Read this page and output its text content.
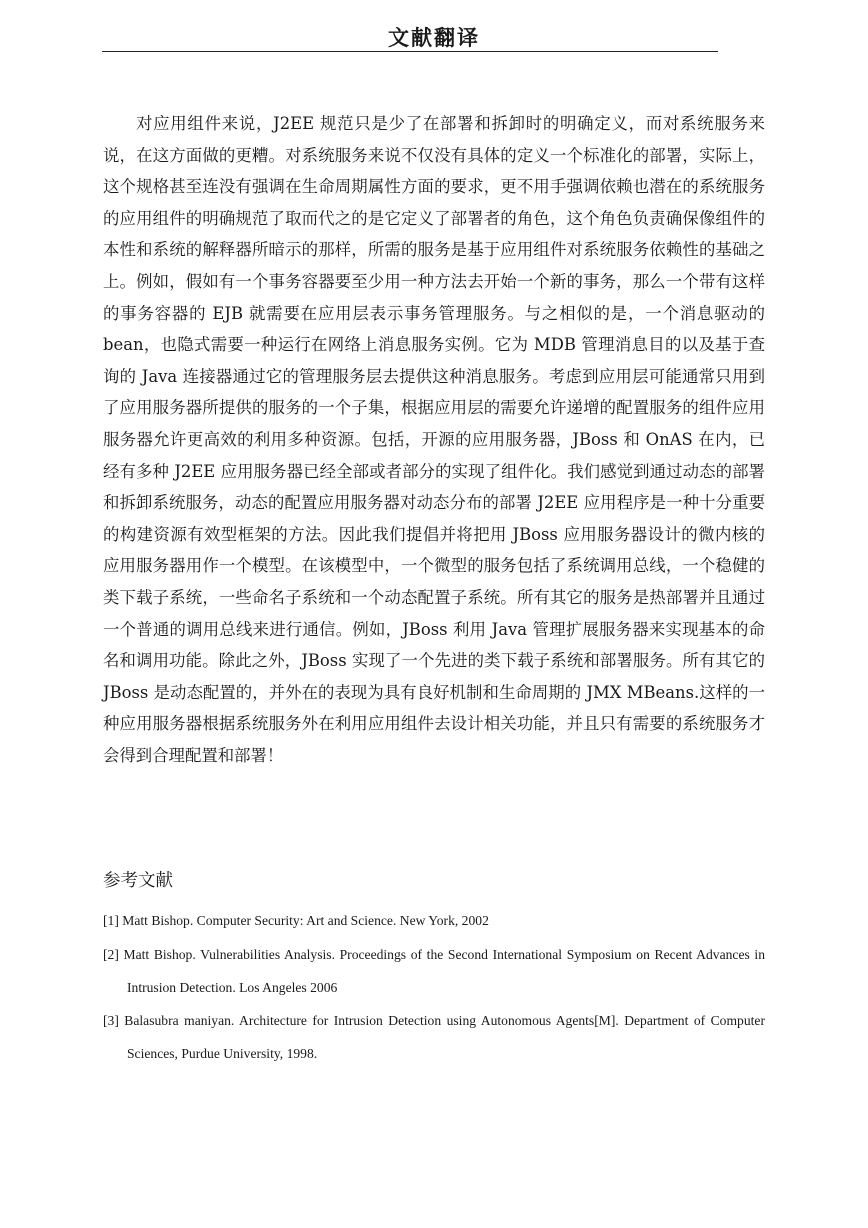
文献翻译

对应用组件来说，J2EE 规范只是少了在部署和拆卸时的明确定义，而对系统服务来说，在这方面做的更糟。对系统服务来说不仅没有具体的定义一个标准化的部署，实际上，这个规格甚至连没有强调在生命周期属性方面的要求，更不用手强调依赖也潜在的系统服务的应用组件的明确规范了取而代之的是它定义了部署者的角色，这个角色负责确保像组件的本性和系统的解释器所暗示的那样，所需的服务是基于应用组件对系统服务依赖性的基础之上。例如，假如有一个事务容器要至少用一种方法去开始一个新的事务，那么一个带有这样的事务容器的 EJB 就需要在应用层表示事务管理服务。与之相似的是，一个消息驱动的 bean，也隐式需要一种运行在网络上消息服务实例。它为 MDB 管理消息目的以及基于查询的 Java 连接器通过它的管理服务层去提供这种消息服务。考虑到应用层可能通常只用到了应用服务器所提供的服务的一个子集，根据应用层的需要允许递增的配置服务的组件应用服务器允许更高效的利用多种资源。包括，开源的应用服务器，JBoss 和 OnAS 在内，已经有多种 J2EE 应用服务器已经全部或者部分的实现了组件化。我们感觉到通过动态的部署和拆卸系统服务，动态的配置应用服务器对动态分布的部署 J2EE 应用程序是一种十分重要的构建资源有效型框架的方法。因此我们提倡并将把用 JBoss 应用服务器设计的微内核的应用服务器用作一个模型。在该模型中，一个微型的服务包括了系统调用总线，一个稳健的类下载子系统，一些命名子系统和一个动态配置子系统。所有其它的服务是热部署并且通过一个普通的调用总线来进行通信。例如，JBoss 利用 Java 管理扩展服务器来实现基本的命名和调用功能。除此之外，JBoss 实现了一个先进的类下载子系统和部署服务。所有其它的 JBoss 是动态配置的，并外在的表现为具有良好机制和生命周期的 JMX MBeans.这样的一种应用服务器根据系统服务外在利用应用组件去设计相关功能，并且只有需要的系统服务才会得到合理配置和部署！

参考文献

[1] Matt Bishop. Computer Security: Art and Science. New York, 2002
[2] Matt Bishop. Vulnerabilities Analysis. Proceedings of the Second International Symposium on Recent Advances in Intrusion Detection. Los Angeles 2006
[3] Balasubra maniyan. Architecture for Intrusion Detection using Autonomous Agents[M]. Department of Computer Sciences, Purdue University, 1998.
